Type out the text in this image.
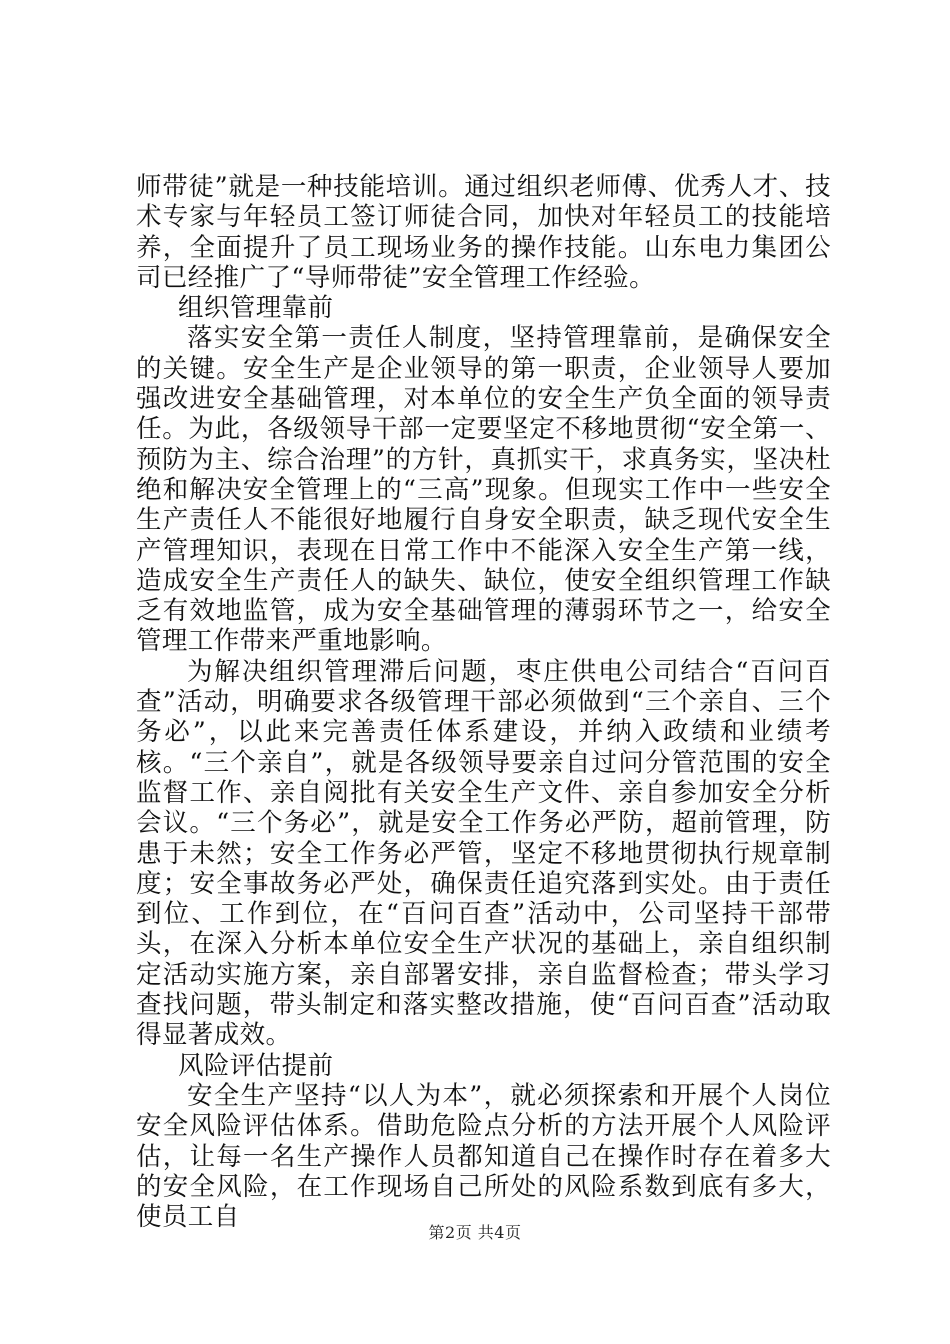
师带徒”就是一种技能培训。通过组织老师傅、优秀人才、技术专家与年轻员工签订师徒合同，加快对年轻员工的技能培养，全面提升了员工现场业务的操作技能。山东电力集团公司已经推广了“导师带徒”安全管理工作经验。

组织管理靠前

落实安全第一责任人制度，坚持管理靠前，是确保安全的关键。安全生产是企业领导的第一职责，企业领导人要加强改进安全基础管理，对本单位的安全生产负全面的领导责任。为此，各级领导干部一定要坚定不移地贯彻“安全第一、预防为主、综合治理”的方针，真抓实干，求真务实，坚决杜绝和解决安全管理上的“三高”现象。但现实工作中一些安全生产责任人不能很好地履行自身安全职责，缺乏现代安全生产管理知识，表现在日常工作中不能深入安全生产第一线，造成安全生产责任人的缺失、缺位，使安全组织管理工作缺乏有效地监管，成为安全基础管理的薄弱环节之一，给安全管理工作带来严重地影响。

为解决组织管理滞后问题，枣庄供电公司结合“百问百查”活动，明确要求各级管理干部必须做到“三个亲自、三个务必”，以此来完善责任体系建设，并纳入政绩和业绩考核。“三个亲自”，就是各级领导要亲自过问分管范围的安全监督工作、亲自阅批有关安全生产文件、亲自参加安全分析会议。“三个务必”，就是安全工作务必严防，超前管理，防患于未然；安全工作务必严管，坚定不移地贯彻执行规章制度；安全事故务必严处，确保责任追究落到实处。由于责任到位、工作到位，在“百问百查”活动中，公司坚持干部带头，在深入分析本单位安全生产状况的基础上，亲自组织制定活动实施方案，亲自部署安排，亲自监督检查；带头学习查找问题，带头制定和落实整改措施，使“百问百查”活动取得显著成效。

风险评估提前

安全生产坚持“以人为本”，就必须探索和开展个人岗位安全风险评估体系。借助危险点分析的方法开展个人风险评估，让每一名生产操作人员都知道自己在操作时存在着多大的安全风险，在工作现场自己所处的风险系数到底有多大，使员工自

第2页 共4页
